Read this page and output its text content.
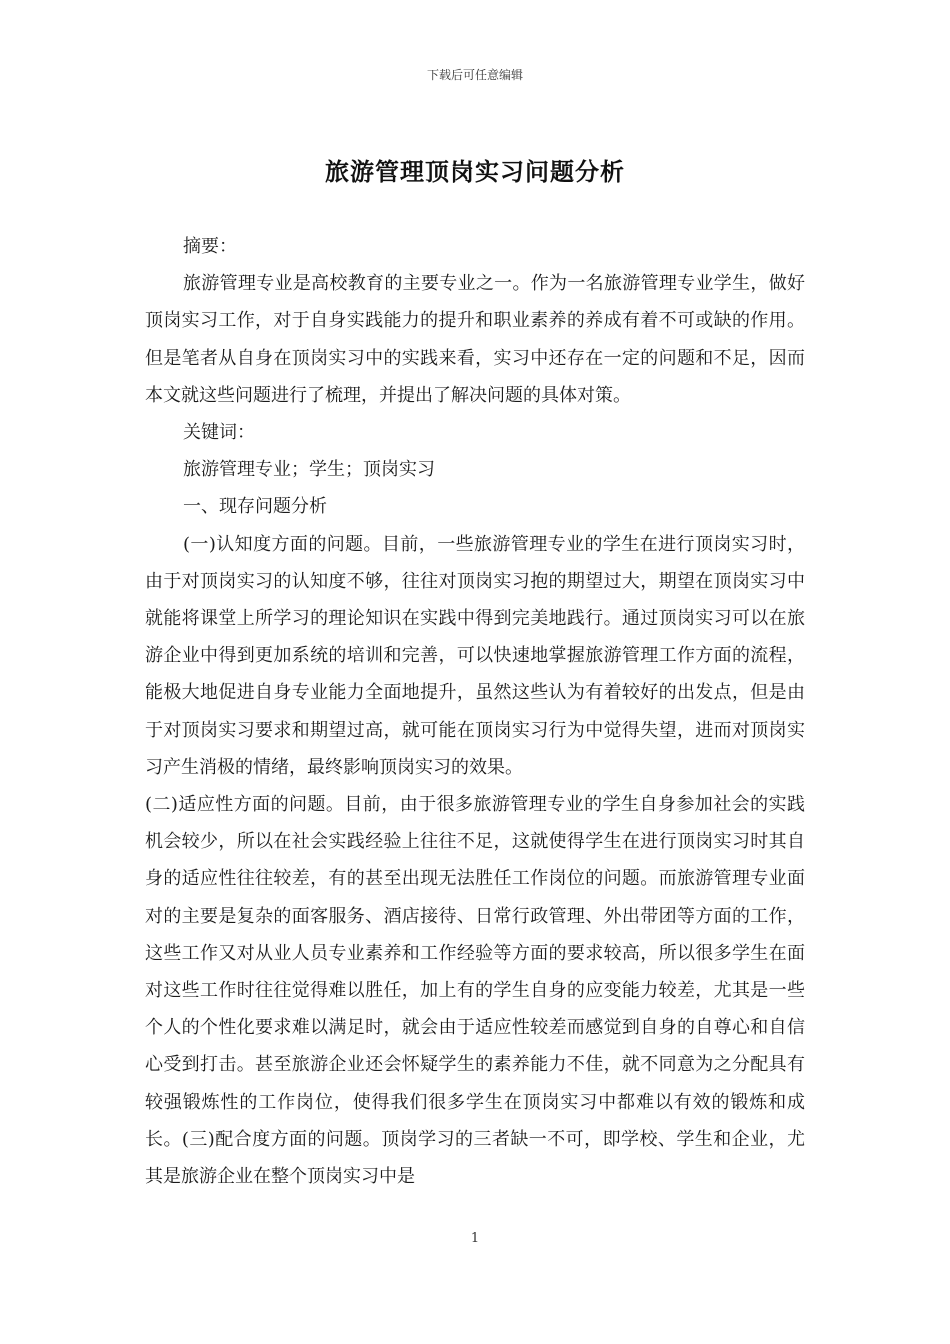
下载后可任意编辑
旅游管理顶岗实习问题分析

摘要：

旅游管理专业是高校教育的主要专业之一。作为一名旅游管理专业学生，做好顶岗实习工作，对于自身实践能力的提升和职业素养的养成有着不可或缺的作用。但是笔者从自身在顶岗实习中的实践来看，实习中还存在一定的问题和不足，因而本文就这些问题进行了梳理，并提出了解决问题的具体对策。

关键词：

旅游管理专业；学生；顶岗实习

一、现存问题分析

(一)认知度方面的问题。目前，一些旅游管理专业的学生在进行顶岗实习时，由于对顶岗实习的认知度不够，往往对顶岗实习抱的期望过大，期望在顶岗实习中就能将课堂上所学习的理论知识在实践中得到完美地践行。通过顶岗实习可以在旅游企业中得到更加系统的培训和完善，可以快速地掌握旅游管理工作方面的流程，能极大地促进自身专业能力全面地提升，虽然这些认为有着较好的出发点，但是由于对顶岗实习要求和期望过高，就可能在顶岗实习行为中觉得失望，进而对顶岗实习产生消极的情绪，最终影响顶岗实习的效果。

(二)适应性方面的问题。目前，由于很多旅游管理专业的学生自身参加社会的实践机会较少，所以在社会实践经验上往往不足，这就使得学生在进行顶岗实习时其自身的适应性往往较差，有的甚至出现无法胜任工作岗位的问题。而旅游管理专业面对的主要是复杂的面客服务、酒店接待、日常行政管理、外出带团等方面的工作，这些工作又对从业人员专业素养和工作经验等方面的要求较高，所以很多学生在面对这些工作时往往觉得难以胜任，加上有的学生自身的应变能力较差，尤其是一些个人的个性化要求难以满足时，就会由于适应性较差而感觉到自身的自尊心和自信心受到打击。甚至旅游企业还会怀疑学生的素养能力不佳，就不同意为之分配具有较强锻炼性的工作岗位，使得我们很多学生在顶岗实习中都难以有效的锻炼和成长。(三)配合度方面的问题。顶岗学习的三者缺一不可，即学校、学生和企业，尤其是旅游企业在整个顶岗实习中是

1
